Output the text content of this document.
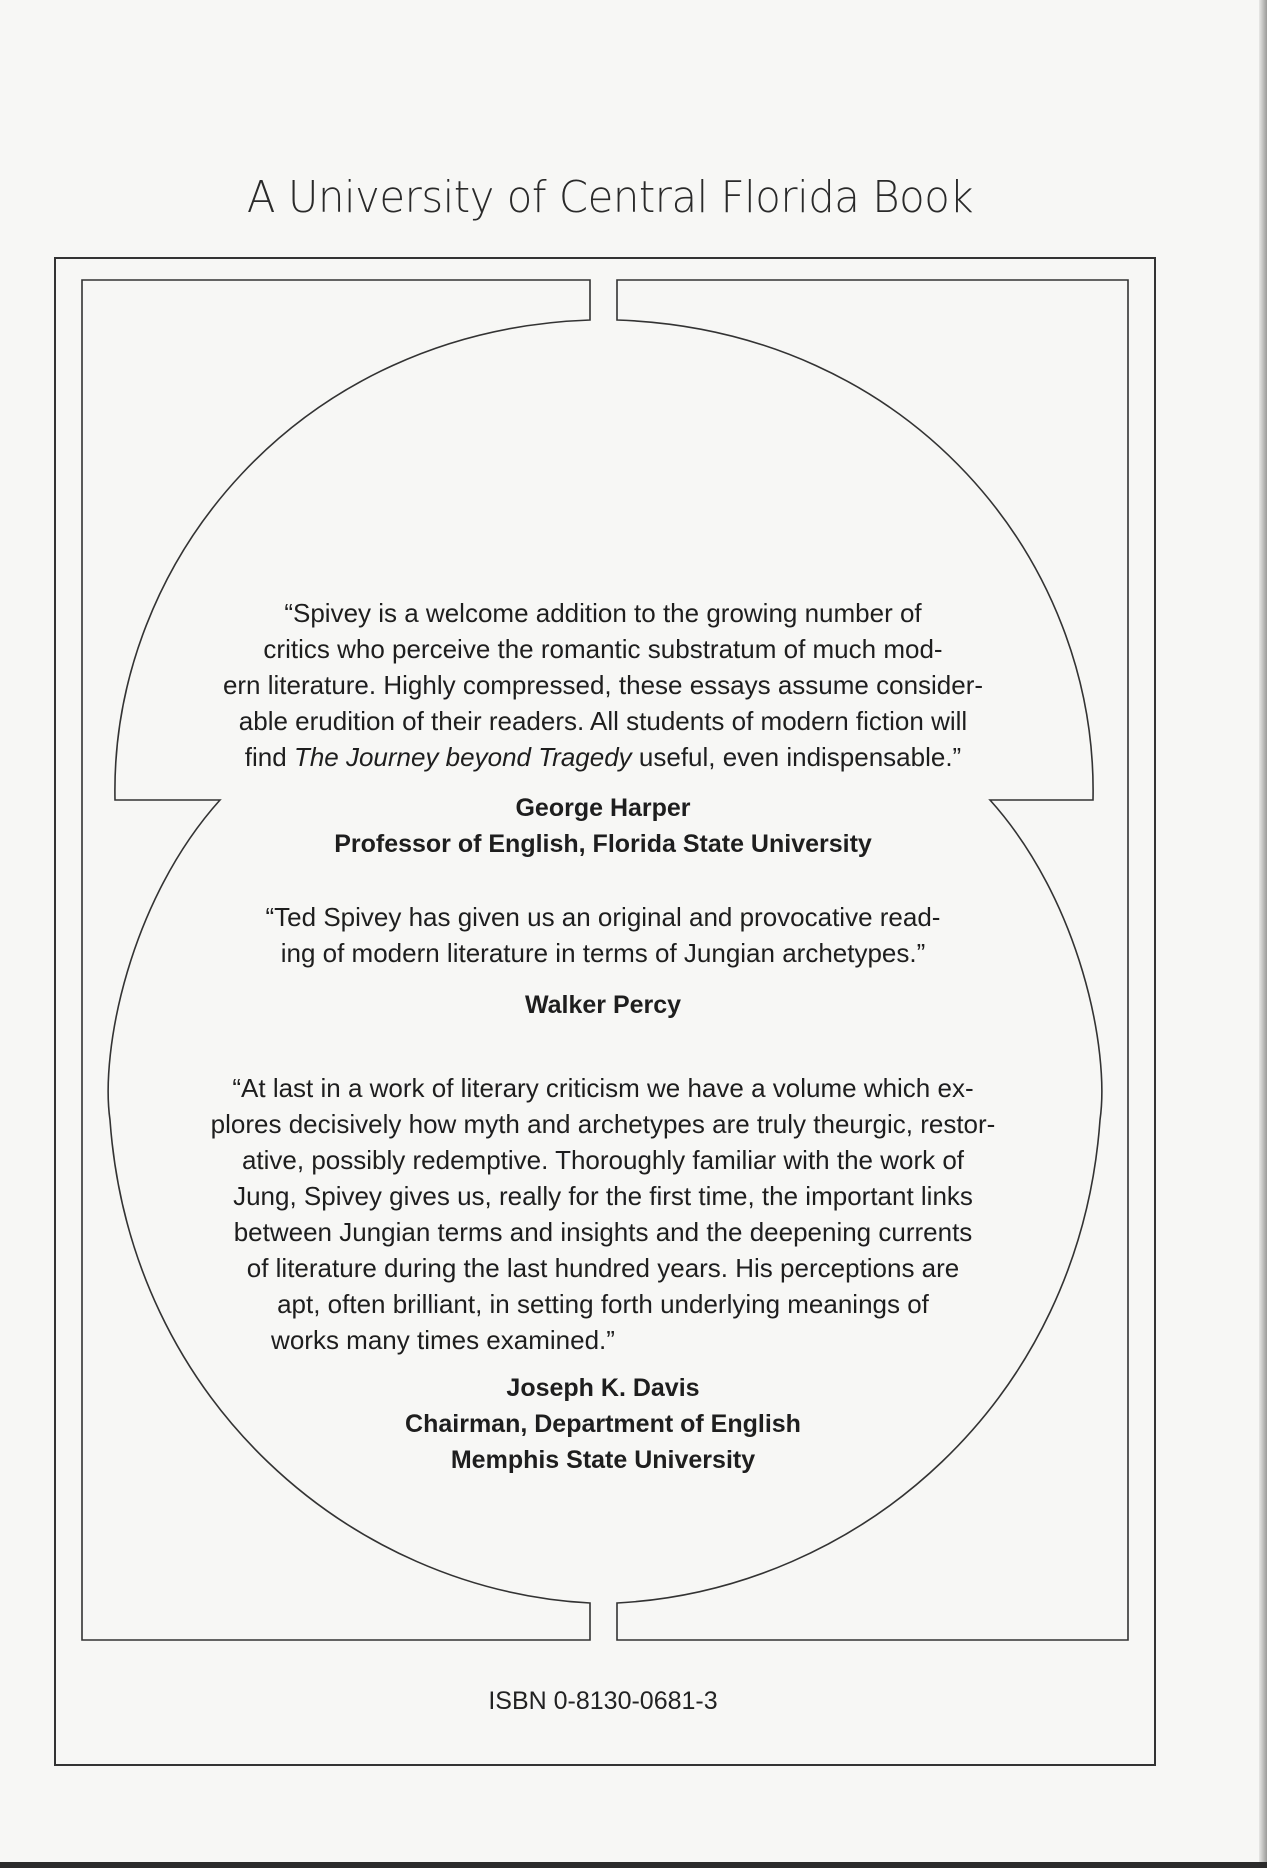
A University of Central Florida Book
“Spivey is a welcome addition to the growing number of
critics who perceive the romantic substratum of much mod-
ern literature. Highly compressed, these essays assume consider-
able erudition of their readers. All students of modern fiction will
find The Journey beyond Tragedy useful, even indispensable.”
George Harper
Professor of English, Florida State University
“Ted Spivey has given us an original and provocative read-
ing of modern literature in terms of Jungian archetypes.”
Walker Percy
“At last in a work of literary criticism we have a volume which ex-
plores decisively how myth and archetypes are truly theurgic, restor-
ative, possibly redemptive. Thoroughly familiar with the work of
Jung, Spivey gives us, really for the first time, the important links
between Jungian terms and insights and the deepening currents
of literature during the last hundred years. His perceptions are
apt, often brilliant, in setting forth underlying meanings of
works many times examined.”
Joseph K. Davis
Chairman, Department of English
Memphis State University
ISBN 0-8130-0681-3
